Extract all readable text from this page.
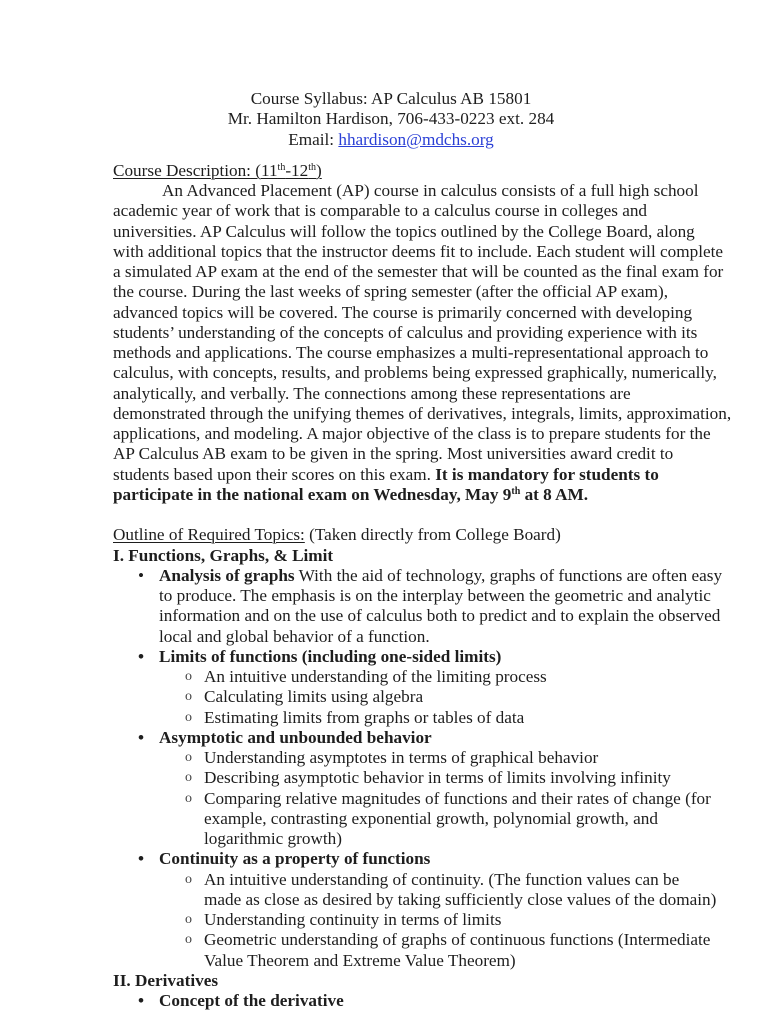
Course Syllabus: AP Calculus AB 15801
Mr. Hamilton Hardison, 706-433-0223 ext. 284
Email: hhardison@mdchs.org
Course Description: (11th-12th)
An Advanced Placement (AP) course in calculus consists of a full high school
academic year of work that is comparable to a calculus course in colleges and
universities. AP Calculus will follow the topics outlined by the College Board, along
with additional topics that the instructor deems fit to include. Each student will complete
a simulated AP exam at the end of the semester that will be counted as the final exam for
the course. During the last weeks of spring semester (after the official AP exam),
advanced topics will be covered. The course is primarily concerned with developing
students’ understanding of the concepts of calculus and providing experience with its
methods and applications. The course emphasizes a multi-representational approach to
calculus, with concepts, results, and problems being expressed graphically, numerically,
analytically, and verbally. The connections among these representations are
demonstrated through the unifying themes of derivatives, integrals, limits, approximation,
applications, and modeling. A major objective of the class is to prepare students for the
AP Calculus AB exam to be given in the spring. Most universities award credit to
students based upon their scores on this exam. It is mandatory for students to
participate in the national exam on Wednesday, May 9th at 8 AM.
Outline of Required Topics: (Taken directly from College Board)
I. Functions, Graphs, & Limit
• Analysis of graphs With the aid of technology, graphs of functions are often easy
to produce. The emphasis is on the interplay between the geometric and analytic
information and on the use of calculus both to predict and to explain the observed
local and global behavior of a function.
• Limits of functions (including one-sided limits)
o An intuitive understanding of the limiting process
o Calculating limits using algebra
o Estimating limits from graphs or tables of data
• Asymptotic and unbounded behavior
o Understanding asymptotes in terms of graphical behavior
o Describing asymptotic behavior in terms of limits involving infinity
o Comparing relative magnitudes of functions and their rates of change (for
example, contrasting exponential growth, polynomial growth, and
logarithmic growth)
• Continuity as a property of functions
o An intuitive understanding of continuity. (The function values can be
made as close as desired by taking sufficiently close values of the domain)
o Understanding continuity in terms of limits
o Geometric understanding of graphs of continuous functions (Intermediate
Value Theorem and Extreme Value Theorem)
II. Derivatives
• Concept of the derivative
